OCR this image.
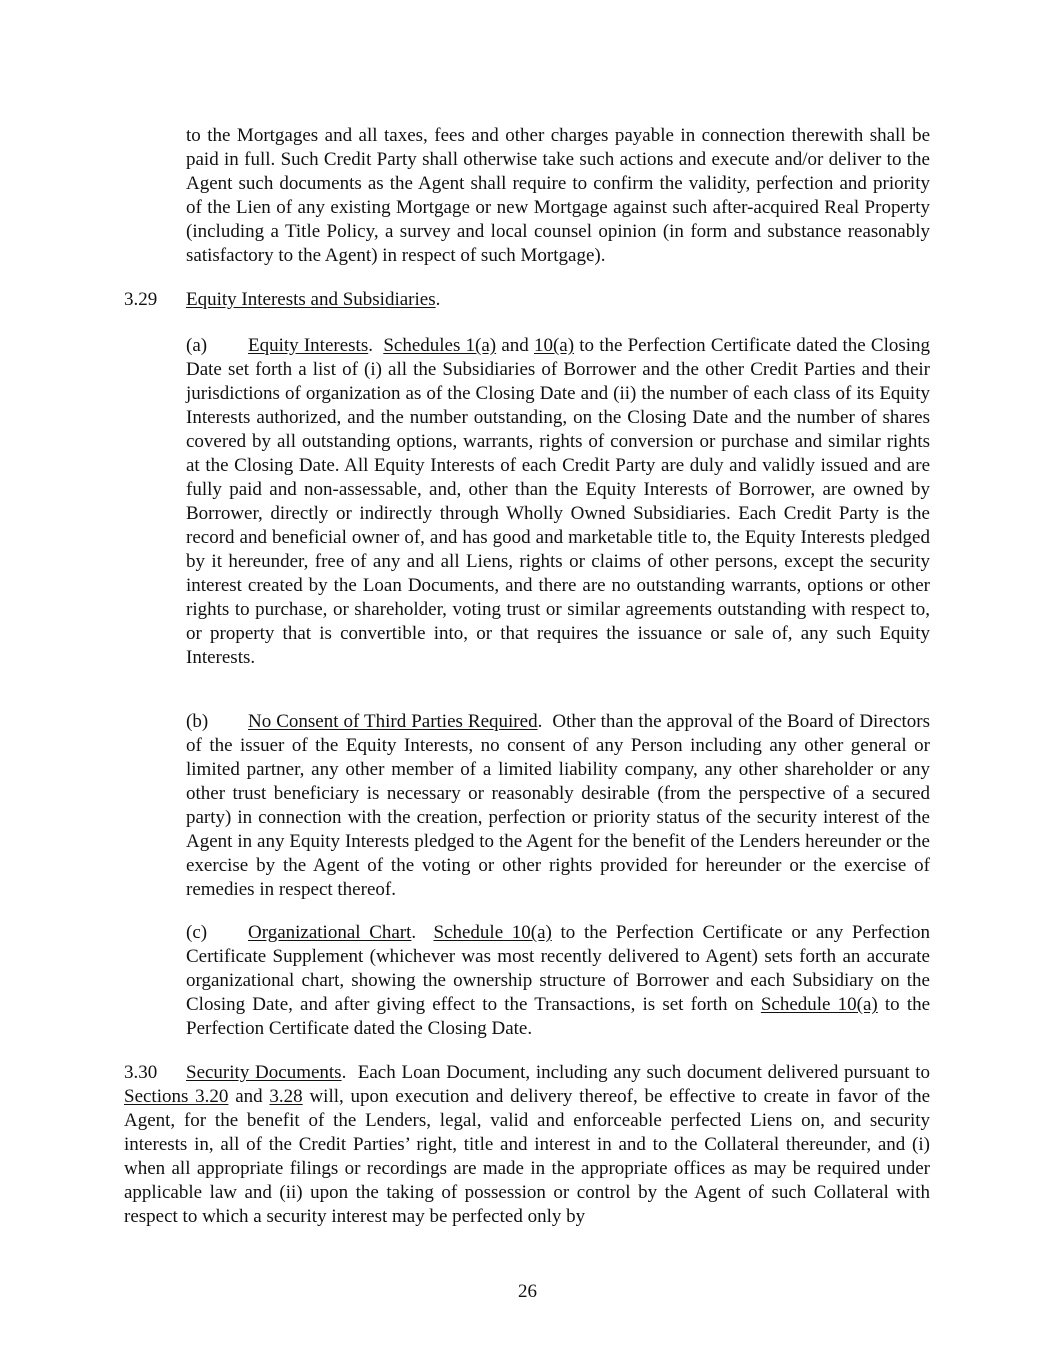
to the Mortgages and all taxes, fees and other charges payable in connection therewith shall be paid in full. Such Credit Party shall otherwise take such actions and execute and/or deliver to the Agent such documents as the Agent shall require to confirm the validity, perfection and priority of the Lien of any existing Mortgage or new Mortgage against such after-acquired Real Property (including a Title Policy, a survey and local counsel opinion (in form and substance reasonably satisfactory to the Agent) in respect of such Mortgage).

3.29 Equity Interests and Subsidiaries.

(a) Equity Interests.  Schedules 1(a) and 10(a) to the Perfection Certificate dated the Closing Date set forth a list of (i) all the Subsidiaries of Borrower and the other Credit Parties and their jurisdictions of organization as of the Closing Date and (ii) the number of each class of its Equity Interests authorized, and the number outstanding, on the Closing Date and the number of shares covered by all outstanding options, warrants, rights of conversion or purchase and similar rights at the Closing Date. All Equity Interests of each Credit Party are duly and validly issued and are fully paid and non-assessable, and, other than the Equity Interests of Borrower, are owned by Borrower, directly or indirectly through Wholly Owned Subsidiaries. Each Credit Party is the record and beneficial owner of, and has good and marketable title to, the Equity Interests pledged by it hereunder, free of any and all Liens, rights or claims of other persons, except the security interest created by the Loan Documents, and there are no outstanding warrants, options or other rights to purchase, or shareholder, voting trust or similar agreements outstanding with respect to, or property that is convertible into, or that requires the issuance or sale of, any such Equity Interests.

(b) No Consent of Third Parties Required.  Other than the approval of the Board of Directors of the issuer of the Equity Interests, no consent of any Person including any other general or limited partner, any other member of a limited liability company, any other shareholder or any other trust beneficiary is necessary or reasonably desirable (from the perspective of a secured party) in connection with the creation, perfection or priority status of the security interest of the Agent in any Equity Interests pledged to the Agent for the benefit of the Lenders hereunder or the exercise by the Agent of the voting or other rights provided for hereunder or the exercise of remedies in respect thereof.

(c) Organizational Chart.  Schedule 10(a) to the Perfection Certificate or any Perfection Certificate Supplement (whichever was most recently delivered to Agent) sets forth an accurate organizational chart, showing the ownership structure of Borrower and each Subsidiary on the Closing Date, and after giving effect to the Transactions, is set forth on Schedule 10(a) to the Perfection Certificate dated the Closing Date.

3.30 Security Documents.  Each Loan Document, including any such document delivered pursuant to Sections 3.20 and 3.28 will, upon execution and delivery thereof, be effective to create in favor of the Agent, for the benefit of the Lenders, legal, valid and enforceable perfected Liens on, and security interests in, all of the Credit Parties’ right, title and interest in and to the Collateral thereunder, and (i) when all appropriate filings or recordings are made in the appropriate offices as may be required under applicable law and (ii) upon the taking of possession or control by the Agent of such Collateral with respect to which a security interest may be perfected only by

26
